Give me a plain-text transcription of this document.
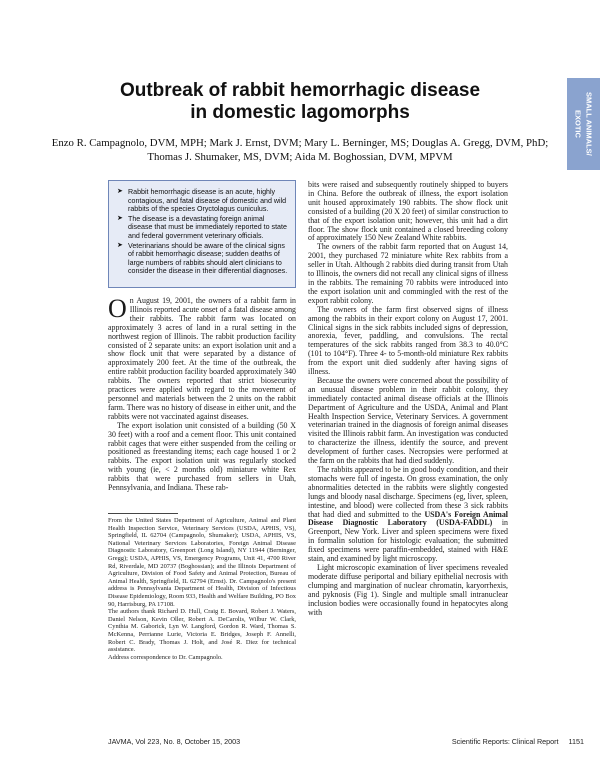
SMALL ANIMALS/ EXOTIC
Outbreak of rabbit hemorrhagic disease
in domestic lagomorphs
Enzo R. Campagnolo, DVM, MPH; Mark J. Ernst, DVM; Mary L. Berninger, MS; Douglas A. Gregg, DVM, PhD;
Thomas J. Shumaker, MS, DVM; Aida M. Boghossian, DVM, MPVM
➤ Rabbit hemorrhagic disease is an acute, highly contagious, and fatal disease of domestic and wild rabbits of the species Oryctolagus cuniculus.
➤ The disease is a devastating foreign animal disease that must be immediately reported to state and federal government veterinary officials.
➤ Veterinarians should be aware of the clinical signs of rabbit hemorrhagic disease; sudden deaths of large numbers of rabbits should alert clinicians to consider the disease in their differential diagnoses.

On August 19, 2001, the owners of a rabbit farm in Illinois reported acute onset of a fatal disease among their rabbits. The rabbit farm was located on approximately 3 acres of land in a rural setting in the northwest region of Illinois. The rabbit production facility consisted of 2 separate units: an export isolation unit and a show flock unit that were separated by a distance of approximately 200 feet. At the time of the outbreak, the entire rabbit production facility boarded approximately 340 rabbits. The owners reported that strict biosecurity practices were applied with regard to the movement of personnel and materials between the 2 units on the rabbit farm. There was no history of disease in either unit, and the rabbits were not vaccinated against diseases.

The export isolation unit consisted of a building (50 X 30 feet) with a roof and a cement floor. This unit contained rabbit cages that were either suspended from the ceiling or positioned as freestanding items; each cage housed 1 or 2 rabbits. The export isolation unit was regularly stocked with young (ie, < 2 months old) miniature white Rex rabbits that were purchased from sellers in Utah, Pennsylvania, and Indiana. These rab-

From the United States Department of Agriculture, Animal and Plant Health Inspection Service, Veterinary Services (USDA, APHIS, VS), Springfield, IL 62704 (Campagnolo, Shumaker); USDA, APHIS, VS, National Veterinary Services Laboratories, Foreign Animal Disease Diagnostic Laboratory, Greenport (Long Island), NY 11944 (Berninger, Gregg); USDA, APHIS, VS, Emergency Programs, Unit 41, 4700 River Rd, Riverdale, MD 20737 (Boghossian); and the Illinois Department of Agriculture, Division of Food Safety and Animal Protection, Bureau of Animal Health, Springfield, IL 62794 (Ernst). Dr. Campagnolo's present address is Pennsylvania Department of Health, Division of Infectious Disease Epidemiology, Room 933, Health and Welfare Building, PO Box 90, Harrisburg, PA 17108.

The authors thank Richard D. Hull, Craig E. Bovard, Robert J. Waters, Daniel Nelson, Kevin Oller, Robert A. DeCarolis, Wilbur W. Clark, Cynthia M. Gaborick, Lyn W. Langford, Gordon R. Ward, Thomas S. McKenna, Perrianne Lurie, Victoria E. Bridges, Joseph F. Annelli, Robert C. Brady, Thomas J. Holt, and José R. Diez for technical assistance.

Address correspondence to Dr. Campagnolo.

bits were raised and subsequently routinely shipped to buyers in China. Before the outbreak of illness, the export isolation unit housed approximately 190 rabbits. The show flock unit consisted of a building (20 X 20 feet) of similar construction to that of the export isolation unit; however, this unit had a dirt floor. The show flock unit contained a closed breeding colony of approximately 150 New Zealand White rabbits.

The owners of the rabbit farm reported that on August 14, 2001, they purchased 72 miniature white Rex rabbits from a seller in Utah. Although 2 rabbits died during transit from Utah to Illinois, the owners did not recall any clinical signs of illness in the rabbits. The remaining 70 rabbits were introduced into the export isolation unit and commingled with the rest of the export rabbit colony.

The owners of the farm first observed signs of illness among the rabbits in their export colony on August 17, 2001. Clinical signs in the sick rabbits included signs of depression, anorexia, fever, paddling, and convulsions. The rectal temperatures of the sick rabbits ranged from 38.3 to 40.0°C (101 to 104°F). Three 4- to 5-month-old miniature Rex rabbits from the export unit died suddenly after having signs of illness.

Because the owners were concerned about the possibility of an unusual disease problem in their rabbit colony, they immediately contacted animal disease officials at the Illinois Department of Agriculture and the USDA, Animal and Plant Health Inspection Service, Veterinary Services. A government veterinarian trained in the diagnosis of foreign animal diseases visited the Illinois rabbit farm. An investigation was conducted to characterize the illness, identify the source, and prevent development of further cases. Necropsies were performed at the farm on the rabbits that had died suddenly.

The rabbits appeared to be in good body condition, and their stomachs were full of ingesta. On gross examination, the only abnormalities detected in the rabbits were slightly congested lungs and bloody nasal discharge. Specimens (eg, liver, spleen, intestine, and blood) were collected from these 3 sick rabbits that had died and submitted to the USDA's Foreign Animal Disease Diagnostic Laboratory (USDA-FADDL) in Greenport, New York. Liver and spleen specimens were fixed in formalin solution for histologic evaluation; the submitted fixed specimens were paraffin-embedded, stained with H&E stain, and examined by light microscopy.

Light microscopic examination of liver specimens revealed moderate diffuse periportal and biliary epithelial necrosis with clumping and margination of nuclear chromatin, karyorrhexis, and pyknosis (Fig 1). Single and multiple small intranuclear inclusion bodies were occasionally found in hepatocytes along with

JAVMA, Vol 223, No. 8, October 15, 2003	Scientific Reports: Clinical Report     1151
